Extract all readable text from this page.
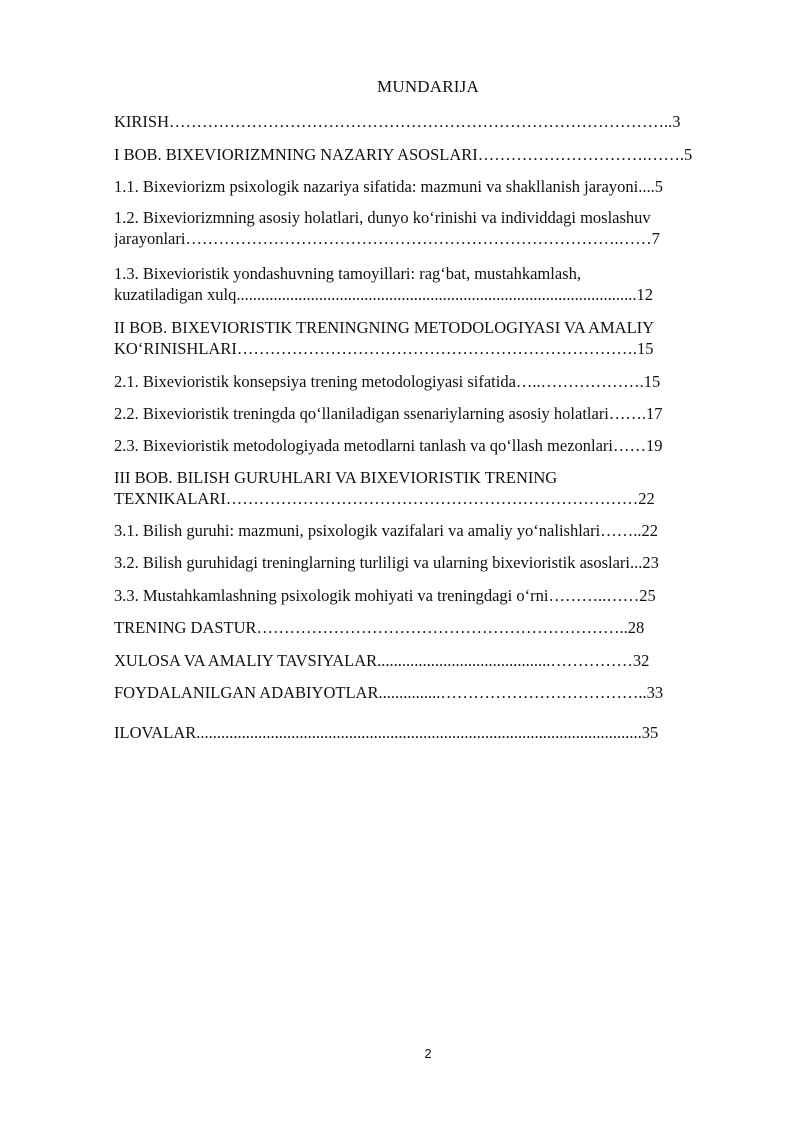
MUNDARIJA
KIRISH………………………………………………………………………………..3
I BOB. BIXEVIORIZMNING NAZARIY ASOSLARI………………………….…….5
1.1. Bixeviorizm psixologik nazariya sifatida: mazmuni va shakllanish jarayoni....5
1.2. Bixeviorizmning asosiy holatlari, dunyo ko‘rinishi va individdagi moslashuv
jarayonlari…………………………………………………………………….……7
1.3. Bixevioristik yondashuvning tamoyillari: rag‘bat, mustahkamlash,
kuzatiladigan xulq.................................................................................................12
II BOB. BIXEVIORISTIK TRENINGNING METODOLOGIYASI VA AMALIY
KO‘RINISHLARI……………………………………………………………….15
2.1. Bixevioristik konsepsiya trening metodologiyasi sifatida…..……………….15
2.2. Bixevioristik treningda qo‘llaniladigan ssenariylarning asosiy holatlari…….17
2.3. Bixevioristik metodologiyada metodlarni tanlash va qo‘llash mezonlari……19
III BOB. BILISH GURUHLARI VA BIXEVIORISTIK TRENING
TEXNIKALARI…………………………………………………………………22
3.1. Bilish guruhi: mazmuni, psixologik vazifalari va amaliy yo‘nalishlari……..22
3.2. Bilish guruhidagi treninglarning turliligi va ularning bixevioristik asoslari...23
3.3. Mustahkamlashning psixologik mohiyati va treningdagi o‘rni………..……25
TRENING DASTUR…………………………………………………………..28
XULOSA VA AMALIY TAVSIYALAR..........................................……………32
FOYDALANILGAN ADABIYOTLAR...............………………………………..33
ILOVALAR............................................................................................................35
2
